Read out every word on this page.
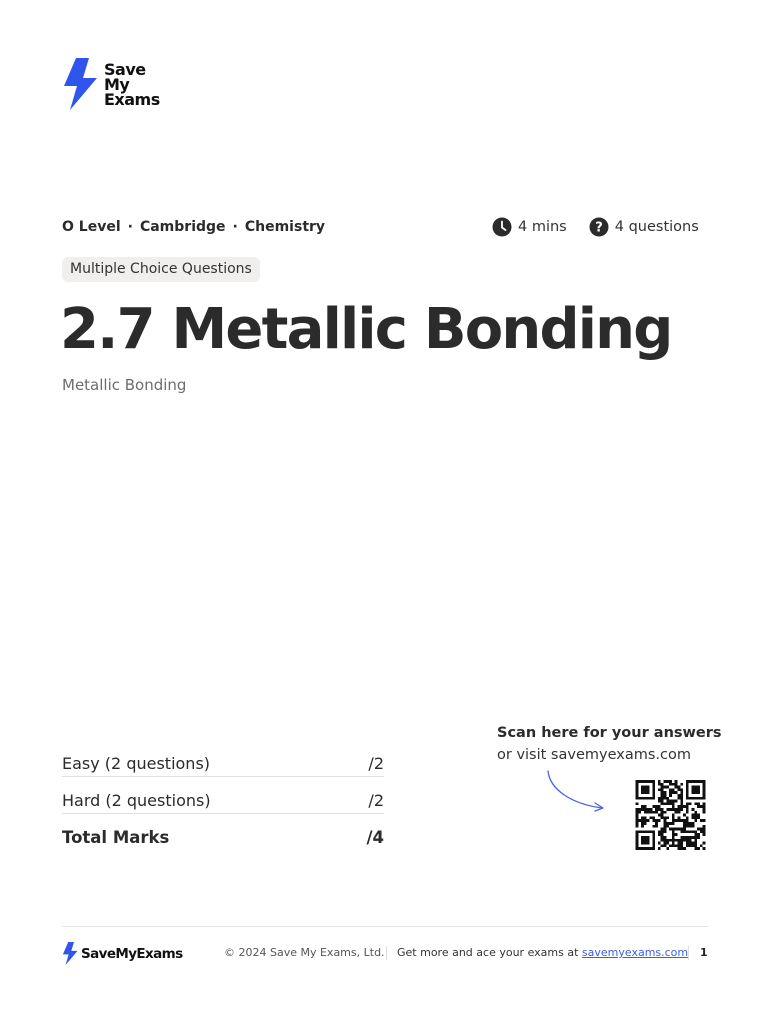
Save
My
Exams
O Level · Cambridge · Chemistry	4 mins ? 4 questions
Multiple Choice Questions
2.7 Metallic Bonding
Metallic Bonding
Easy (2 questions)	/2
Hard (2 questions)	/2
Total Marks	/4
Scan here for your answers
or visit savemyexams.com
SaveMyExams	© 2024 Save My Exams, Ltd. Get more and ace your exams at savemyexams.com 1
